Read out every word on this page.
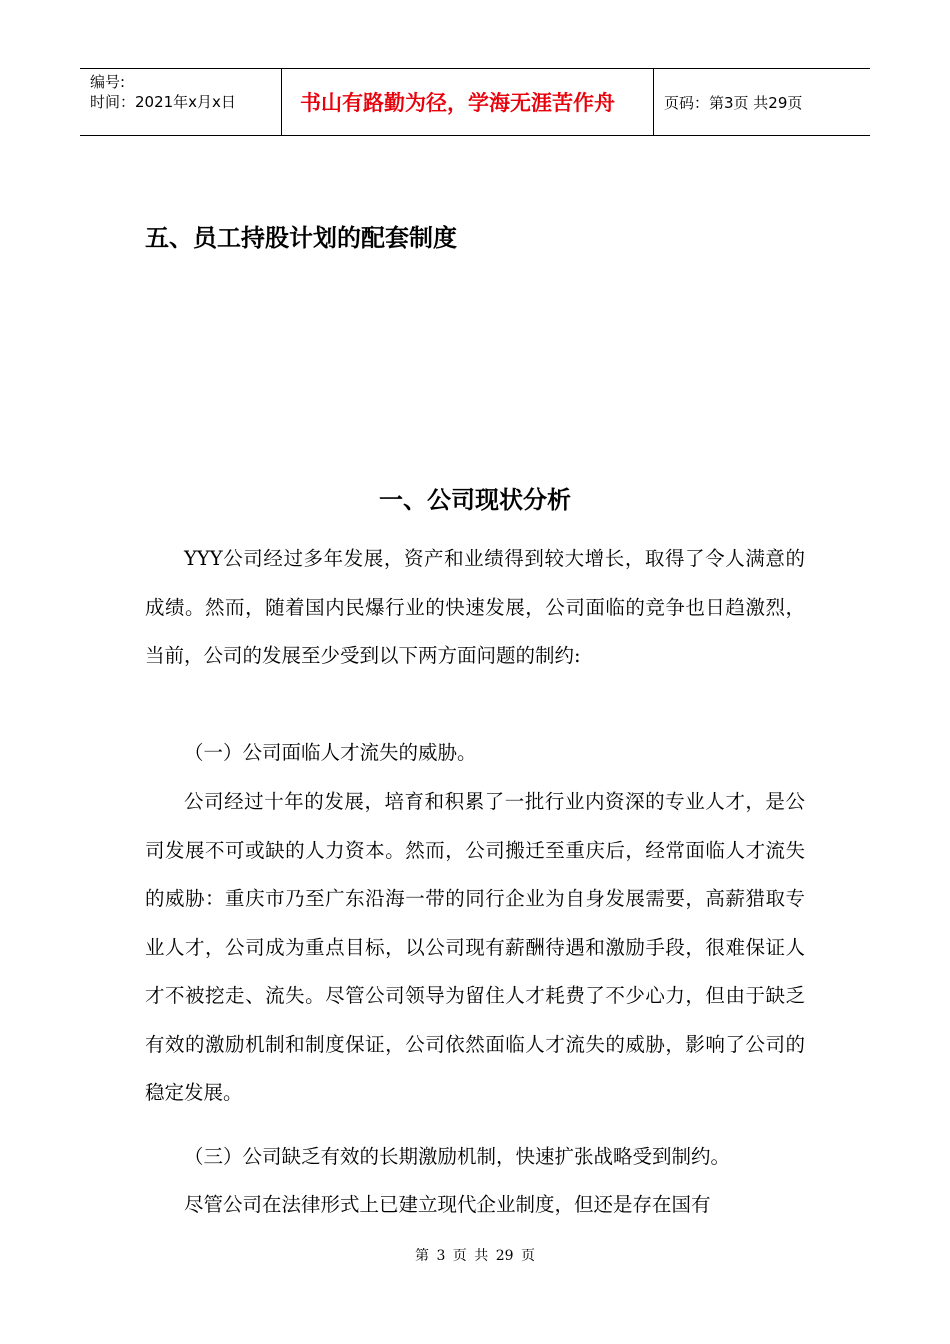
编号:
时间：2021年x月x日	书山有路勤为径，学海无涯苦作舟	页码：第3页 共29页
五、员工持股计划的配套制度
一、公司现状分析

YYY公司经过多年发展，资产和业绩得到较大增长，取得了令人满意的成绩。然而，随着国内民爆行业的快速发展，公司面临的竞争也日趋激烈，当前，公司的发展至少受到以下两方面问题的制约:

（一）公司面临人才流失的威胁。

公司经过十年的发展，培育和积累了一批行业内资深的专业人才，是公司发展不可或缺的人力资本。然而，公司搬迁至重庆后，经常面临人才流失的威胁：重庆市乃至广东沿海一带的同行企业为自身发展需要，高薪猎取专业人才，公司成为重点目标，以公司现有薪酬待遇和激励手段，很难保证人才不被挖走、流失。尽管公司领导为留住人才耗费了不少心力，但由于缺乏有效的激励机制和制度保证，公司依然面临人才流失的威胁，影响了公司的稳定发展。

（三）公司缺乏有效的长期激励机制，快速扩张战略受到制约。

尽管公司在法律形式上已建立现代企业制度，但还是存在国有

第 3 页 共 29 页
